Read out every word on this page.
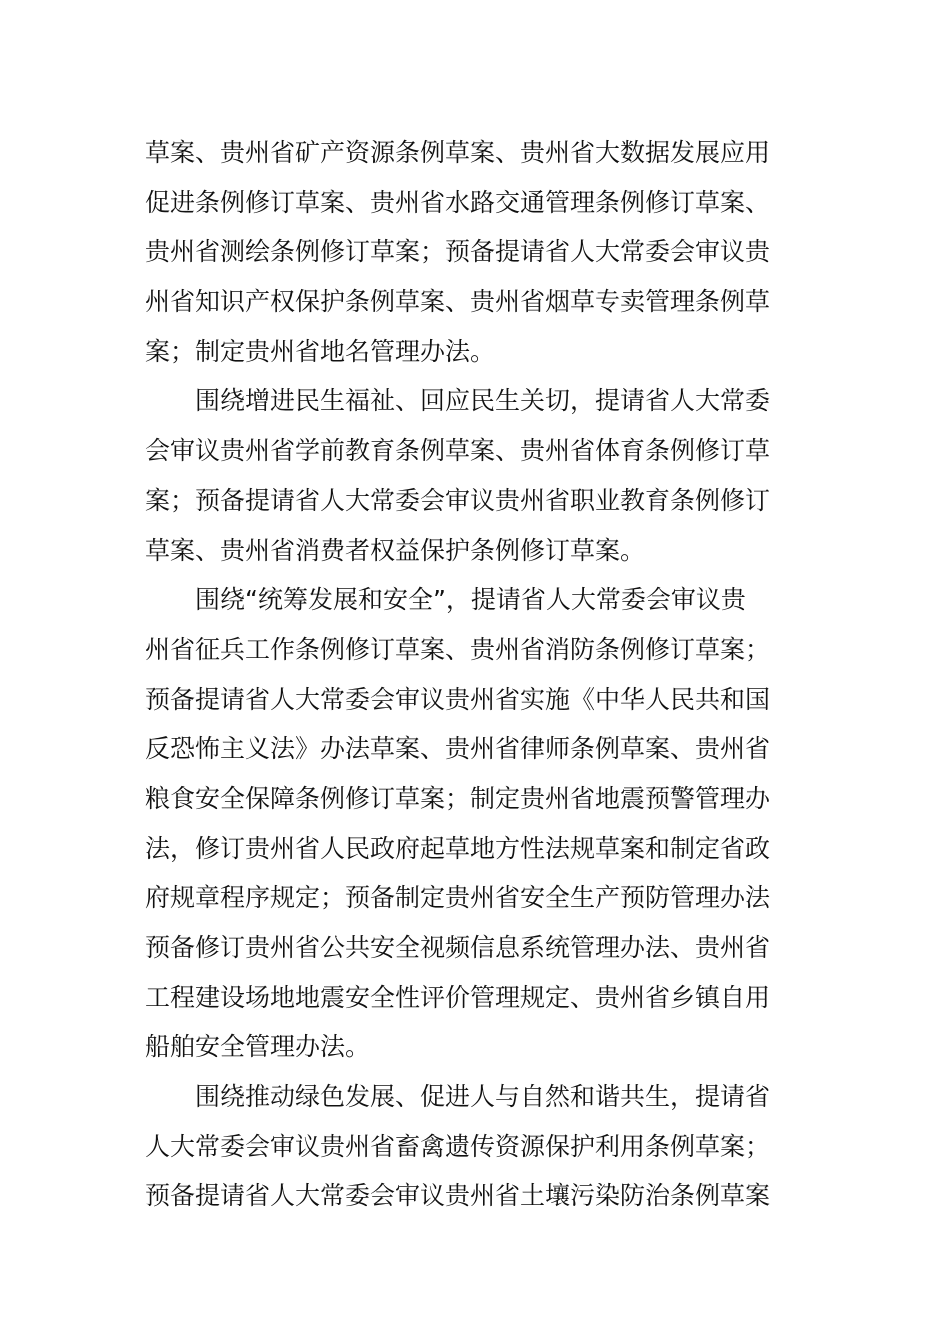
草案、贵州省矿产资源条例草案、贵州省大数据发展应用
促进条例修订草案、贵州省水路交通管理条例修订草案、
贵州省测绘条例修订草案；预备提请省人大常委会审议贵
州省知识产权保护条例草案、贵州省烟草专卖管理条例草
案；制定贵州省地名管理办法。
围绕增进民生福祉、回应民生关切，提请省人大常委
会审议贵州省学前教育条例草案、贵州省体育条例修订草
案；预备提请省人大常委会审议贵州省职业教育条例修订
草案、贵州省消费者权益保护条例修订草案。
围绕“统筹发展和安全”，提请省人大常委会审议贵
州省征兵工作条例修订草案、贵州省消防条例修订草案；
预备提请省人大常委会审议贵州省实施《中华人民共和国
反恐怖主义法》办法草案、贵州省律师条例草案、贵州省
粮食安全保障条例修订草案；制定贵州省地震预警管理办
法，修订贵州省人民政府起草地方性法规草案和制定省政
府规章程序规定；预备制定贵州省安全生产预防管理办法
预备修订贵州省公共安全视频信息系统管理办法、贵州省
工程建设场地地震安全性评价管理规定、贵州省乡镇自用
船舶安全管理办法。
围绕推动绿色发展、促进人与自然和谐共生，提请省
人大常委会审议贵州省畜禽遗传资源保护利用条例草案；
预备提请省人大常委会审议贵州省土壤污染防治条例草案
